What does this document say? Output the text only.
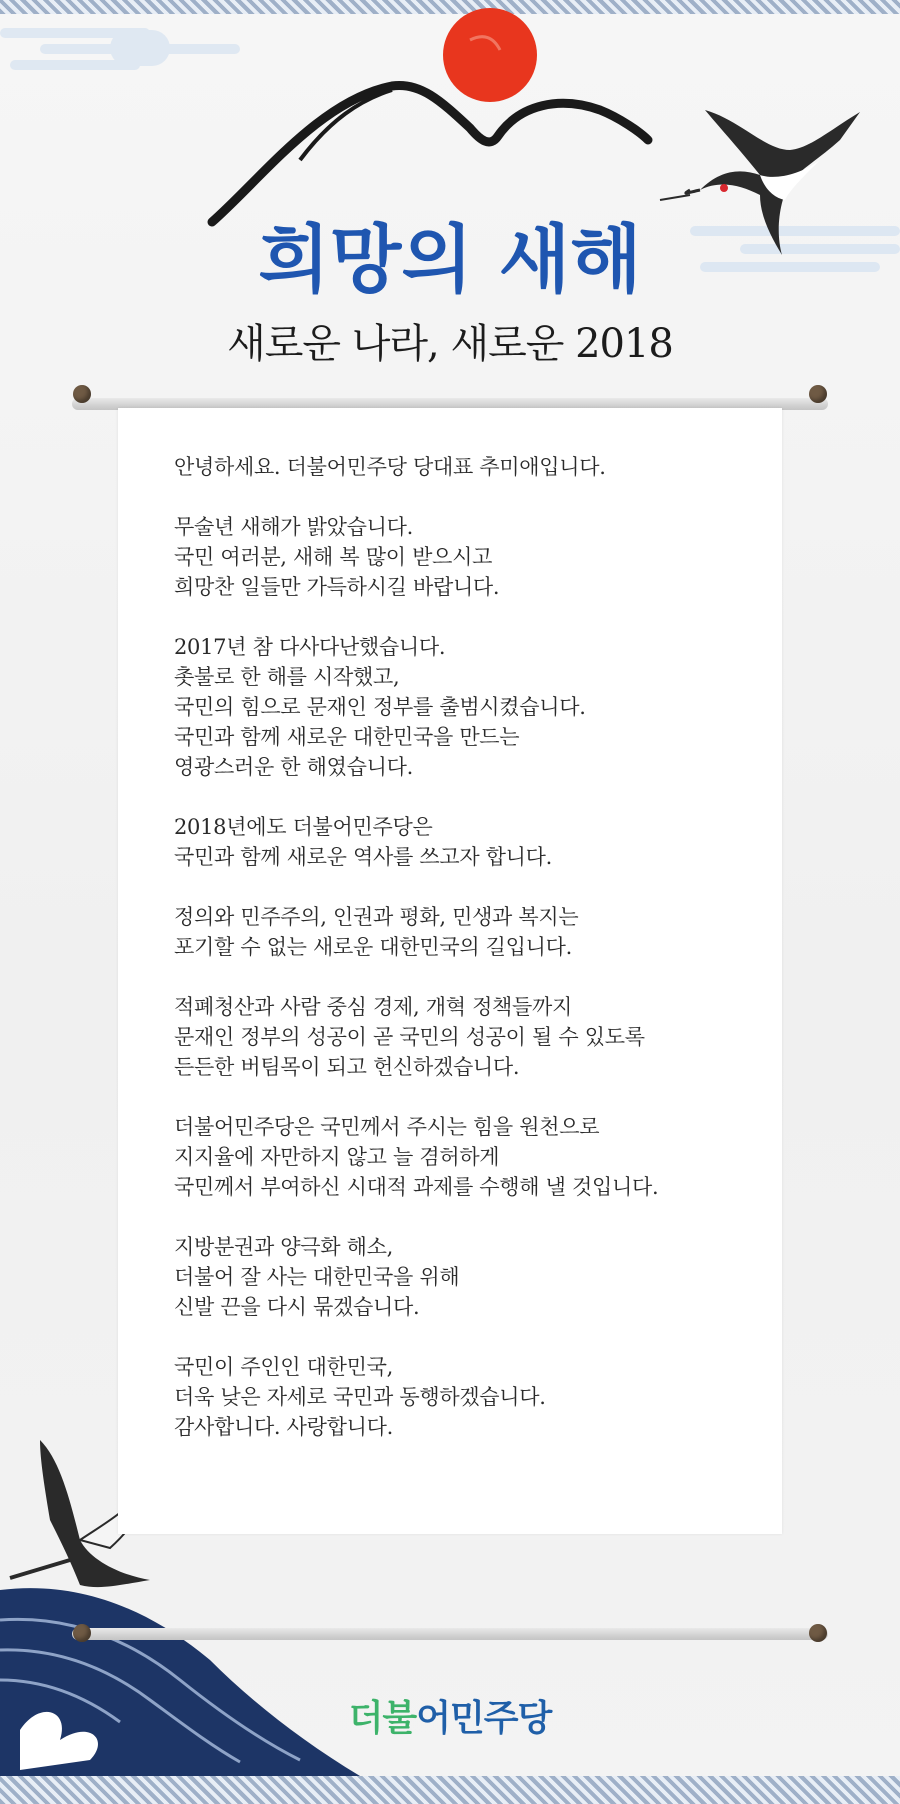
희망의 새해
새로운 나라, 새로운 2018
안녕하세요. 더불어민주당 당대표 추미애입니다.
무술년 새해가 밝았습니다.
국민 여러분, 새해 복 많이 받으시고
희망찬 일들만 가득하시길 바랍니다.
2017년 참 다사다난했습니다.
촛불로 한 해를 시작했고,
국민의 힘으로 문재인 정부를 출범시켰습니다.
국민과 함께 새로운 대한민국을 만드는
영광스러운 한 해였습니다.
2018년에도 더불어민주당은
국민과 함께 새로운 역사를 쓰고자 합니다.
정의와 민주주의, 인권과 평화, 민생과 복지는
포기할 수 없는 새로운 대한민국의 길입니다.
적폐청산과 사람 중심 경제, 개혁 정책들까지
문재인 정부의 성공이 곧 국민의 성공이 될 수 있도록
든든한 버팀목이 되고 헌신하겠습니다.
더불어민주당은 국민께서 주시는 힘을 원천으로
지지율에 자만하지 않고 늘 겸허하게
국민께서 부여하신 시대적 과제를 수행해 낼 것입니다.
지방분권과 양극화 해소,
더불어 잘 사는 대한민국을 위해
신발 끈을 다시 묶겠습니다.
국민이 주인인 대한민국,
더욱 낮은 자세로 국민과 동행하겠습니다.
감사합니다. 사랑합니다.
더불어민주당
